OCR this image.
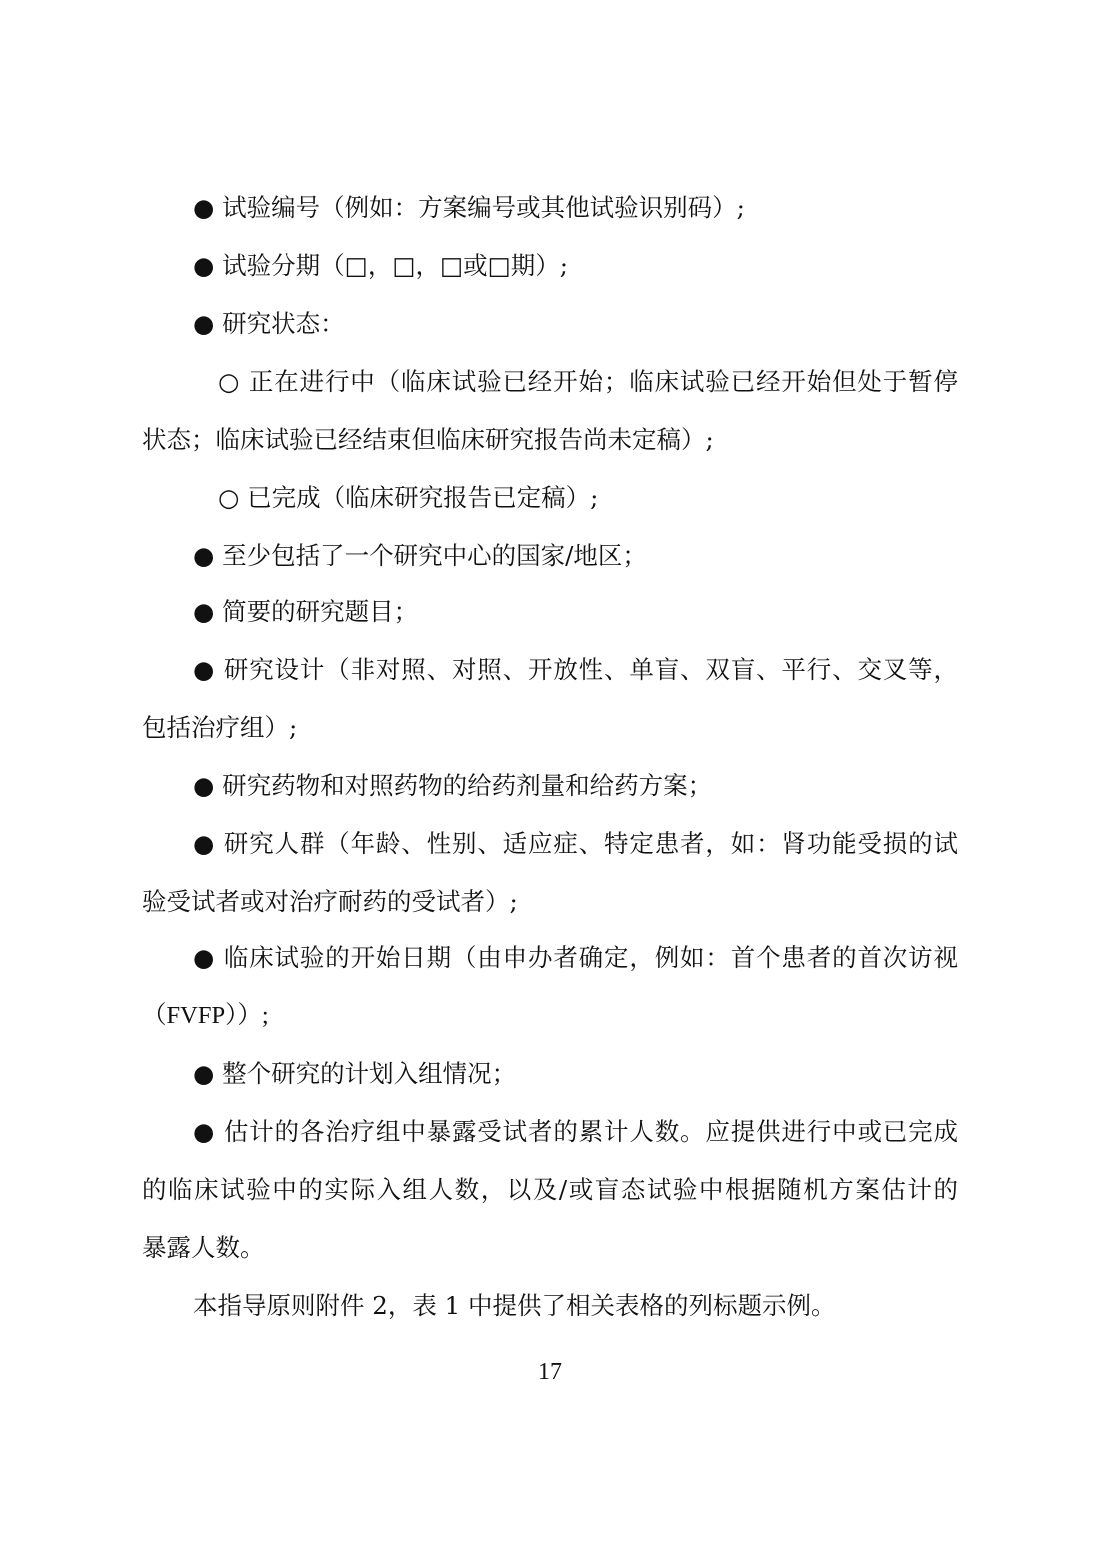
● 试验编号（例如：方案编号或其他试验识别码）;
● 试验分期（□，□，□或□期）;
● 研究状态：
○ 正在进行中（临床试验已经开始；临床试验已经开始但处于暂停
状态；临床试验已经结束但临床研究报告尚未定稿）;
○ 已完成（临床研究报告已定稿）;
● 至少包括了一个研究中心的国家/地区；
● 简要的研究题目；
● 研究设计（非对照、对照、开放性、单盲、双盲、平行、交叉等，
包括治疗组）;
● 研究药物和对照药物的给药剂量和给药方案；
● 研究人群（年龄、性别、适应症、特定患者，如：肾功能受损的试
验受试者或对治疗耐药的受试者）;
● 临床试验的开始日期（由申办者确定，例如：首个患者的首次访视
（FVFP））;
● 整个研究的计划入组情况；
● 估计的各治疗组中暴露受试者的累计人数。应提供进行中或已完成
的临床试验中的实际入组人数，以及/或盲态试验中根据随机方案估计的
暴露人数。
本指导原则附件 2，表 1 中提供了相关表格的列标题示例。
17
